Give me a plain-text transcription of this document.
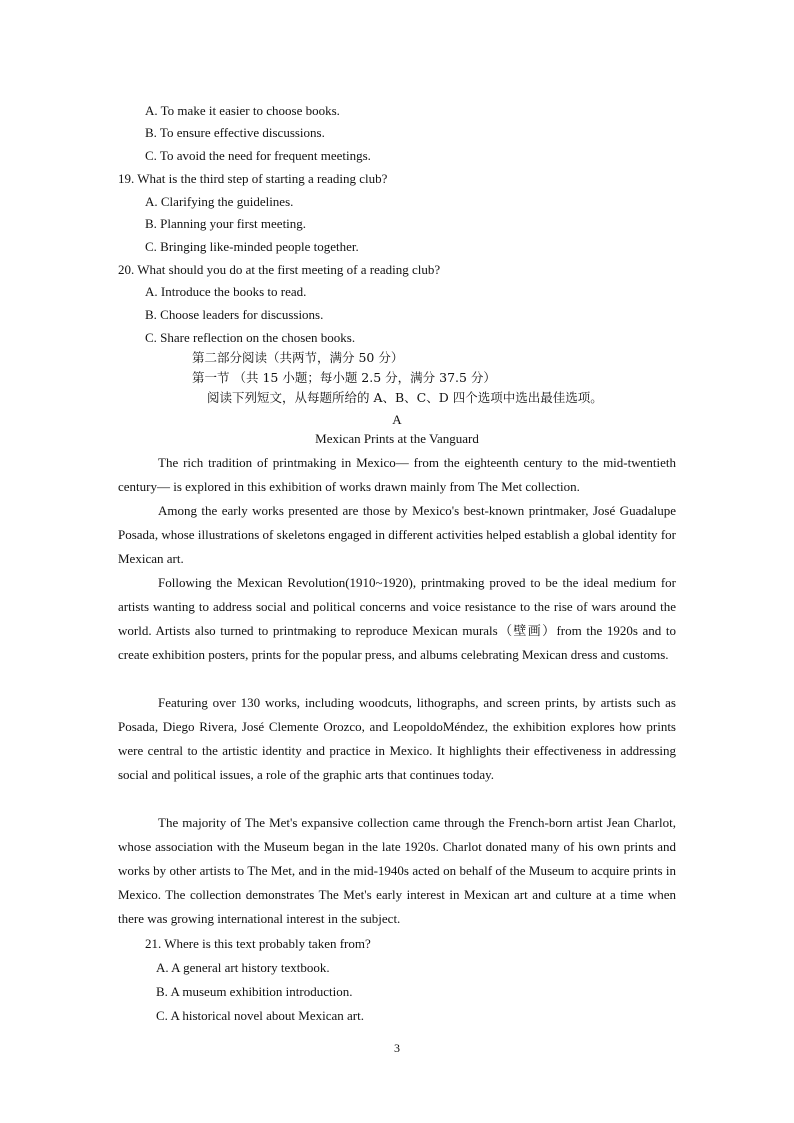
A. To make it easier to choose books.
B. To ensure effective discussions.
C. To avoid the need for frequent meetings.
19. What is the third step of starting a reading club?
A. Clarifying the guidelines.
B. Planning your first meeting.
C. Bringing like-minded people together.
20. What should you do at the first meeting of a reading club?
A. Introduce the books to read.
B. Choose leaders for discussions.
C. Share reflection on the chosen books.
第二部分阅读（共两节，满分 50 分）
第一节 （共 15 小题；每小题 2.5 分，满分 37.5 分）
阅读下列短文，从每题所给的 A、B、C、D 四个选项中选出最佳选项。
A
Mexican Prints at the Vanguard

The rich tradition of printmaking in Mexico— from the eighteenth century to the mid-twentieth century— is explored in this exhibition of works drawn mainly from The Met collection.

Among the early works presented are those by Mexico's best-known printmaker, José Guadalupe Posada, whose illustrations of skeletons engaged in different activities helped establish a global identity for Mexican art.

Following the Mexican Revolution(1910~1920), printmaking proved to be the ideal medium for artists wanting to address social and political concerns and voice resistance to the rise of wars around the world. Artists also turned to printmaking to reproduce Mexican murals（壁画）from the 1920s and to create exhibition posters, prints for the popular press, and albums celebrating Mexican dress and customs.

Featuring over 130 works, including woodcuts, lithographs, and screen prints, by artists such as Posada, Diego Rivera, José Clemente Orozco, and LeopoldoMéndez, the exhibition explores how prints were central to the artistic identity and practice in Mexico. It highlights their effectiveness in addressing social and political issues, a role of the graphic arts that continues today.

The majority of The Met's expansive collection came through the French-born artist Jean Charlot, whose association with the Museum began in the late 1920s. Charlot donated many of his own prints and works by other artists to The Met, and in the mid-1940s acted on behalf of the Museum to acquire prints in Mexico. The collection demonstrates The Met's early interest in Mexican art and culture at a time when there was growing international interest in the subject.

21. Where is this text probably taken from?
A. A general art history textbook.
B. A museum exhibition introduction.
C. A historical novel about Mexican art.
3
